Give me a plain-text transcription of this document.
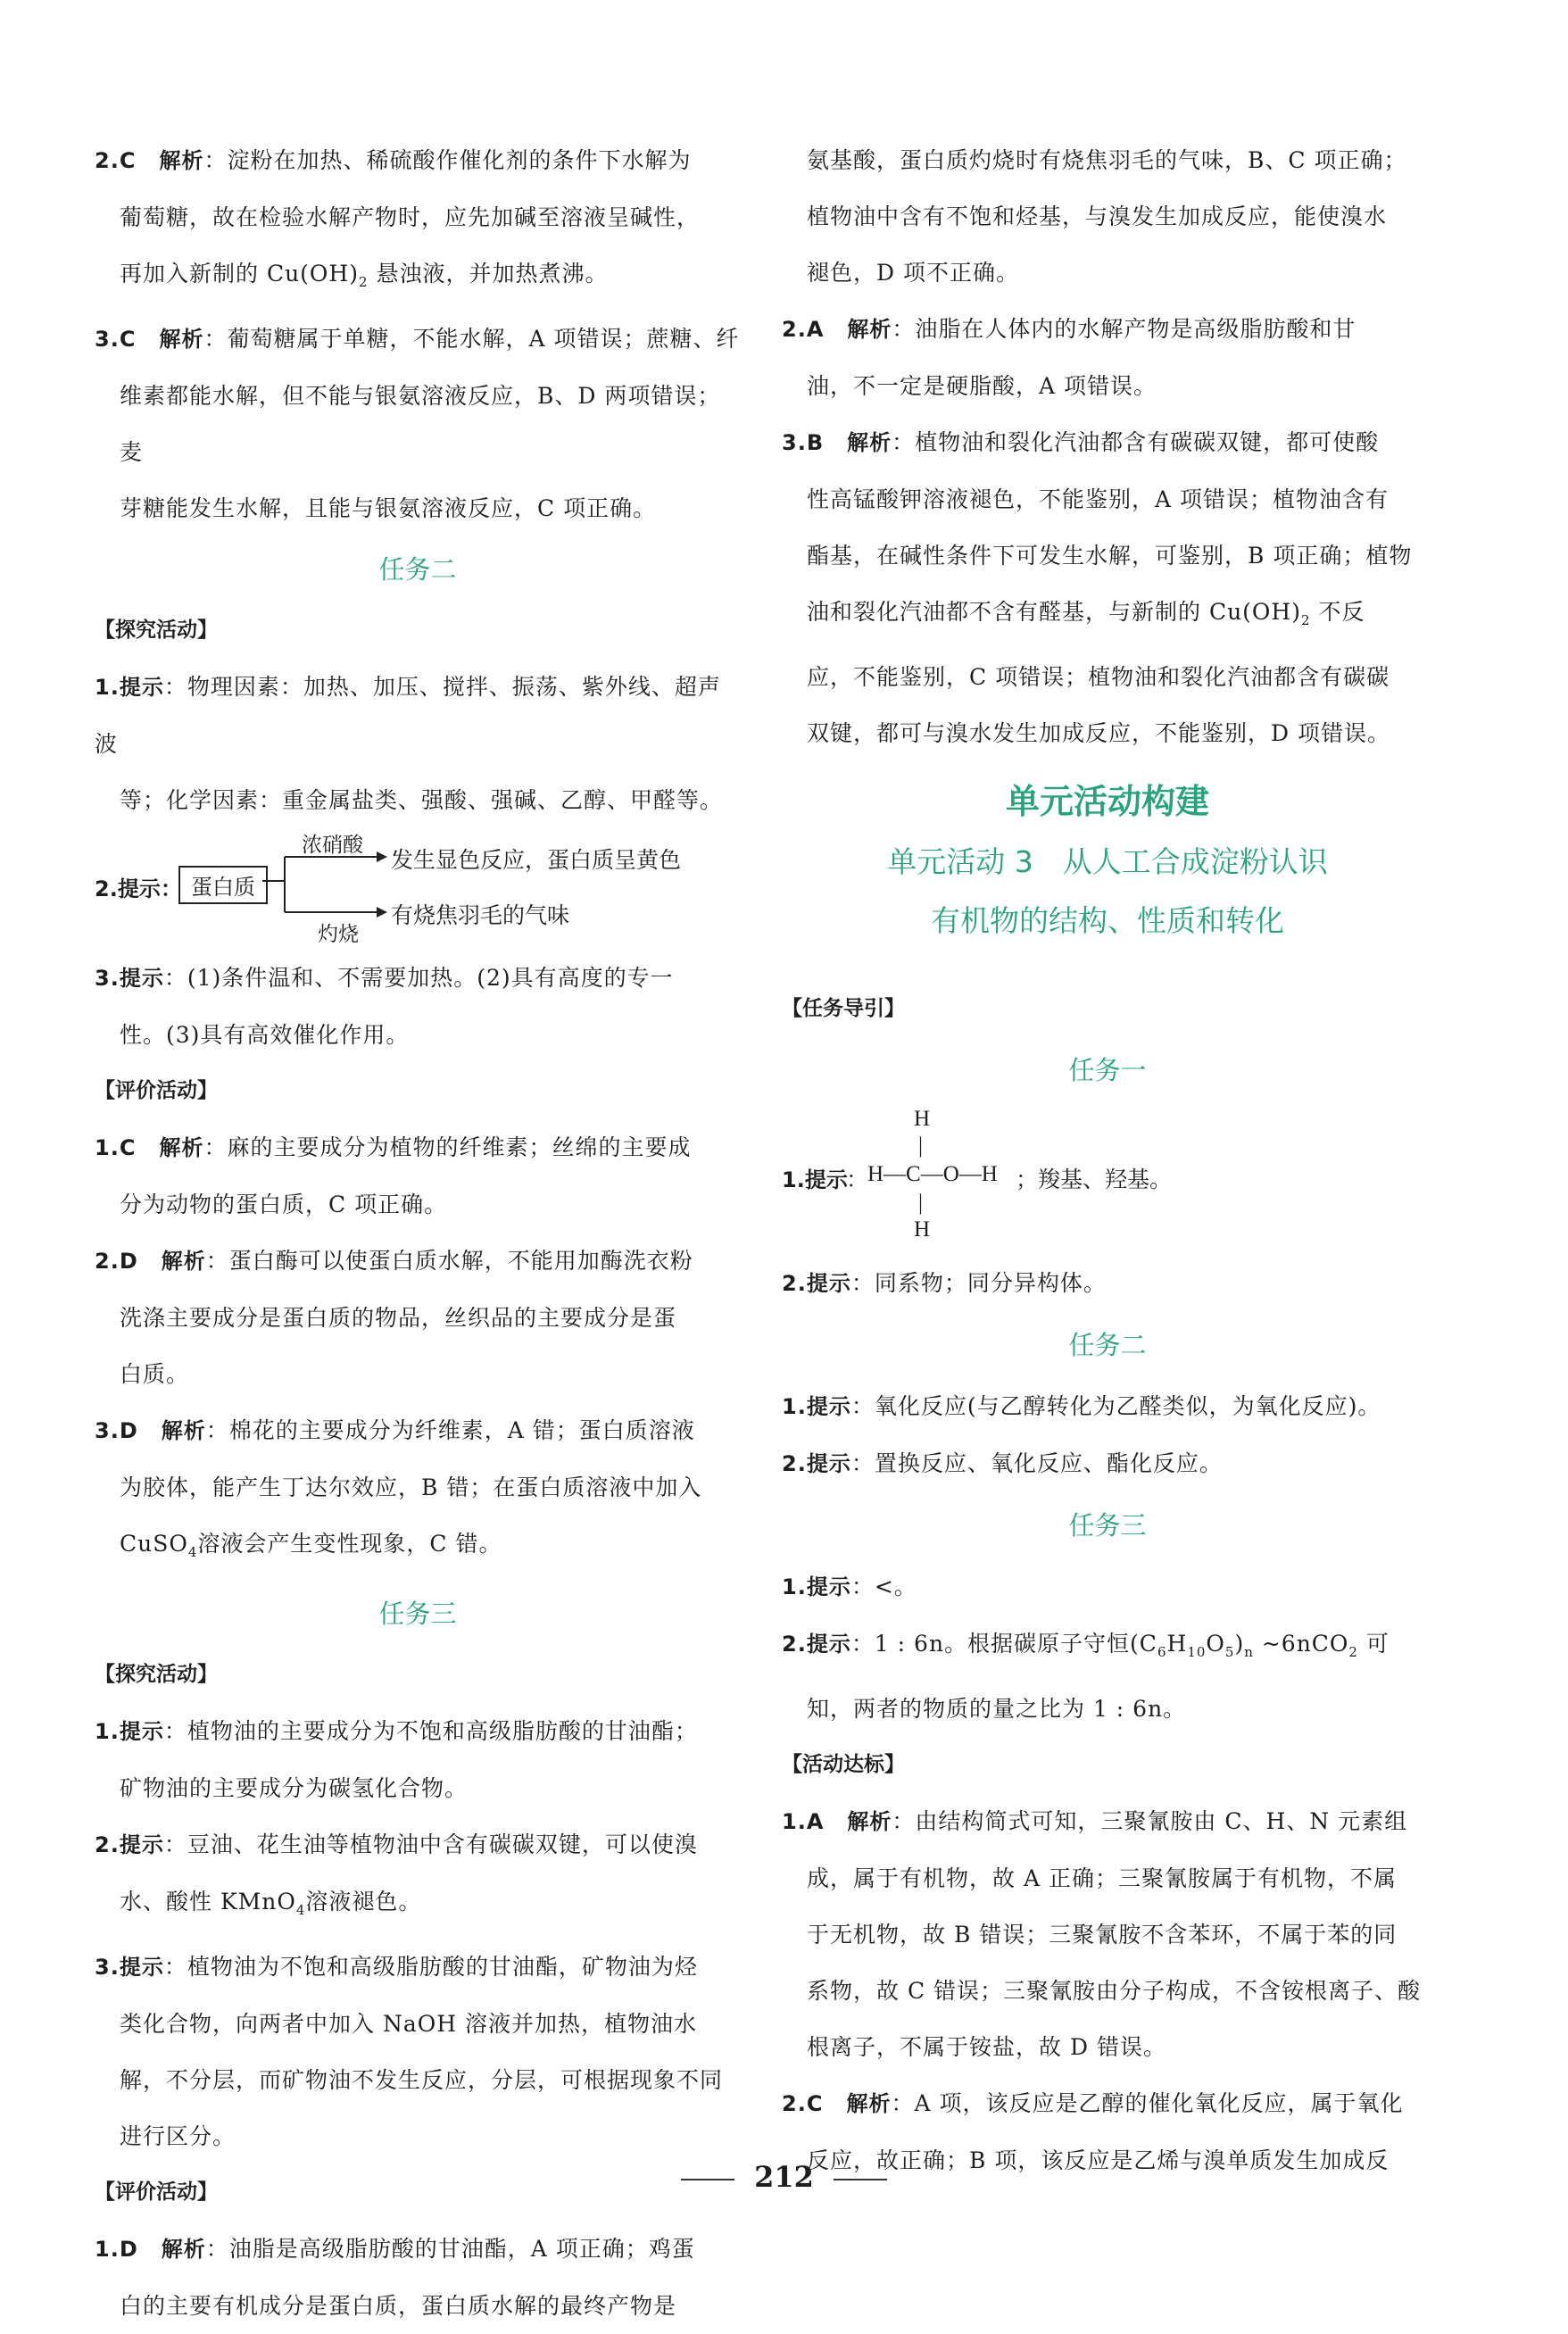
2.C　 解析：淀粉在加热、稀硫酸作催化剂的条件下水解为

葡萄糖，故在检验水解产物时，应先加碱至溶液呈碱性，

再加入新制的 $Cu(OH)_2$ 悬浊液，并加热煮沸。

3.C　 解析：葡萄糖属于单糖，不能水解，A 项错误；蔗糖、纤

维素都能水解，但不能与银氨溶液反应，B、D 两项错误；麦

芽糖能发生水解，且能与银氨溶液反应，C 项正确。

任务二

【探究活动】

1.提示：物理因素：加热、加压、搅拌、振荡、紫外线、超声波

等；化学因素：重金属盐类、强酸、强碱、乙醇、甲醛等。

2.提示： 蛋白质
浓硝酸
发生显色反应，蛋白质呈黄色
灼烧
有烧焦羽毛的气味

3.提示：(1)条件温和、不需要加热。(2)具有高度的专一

性。(3)具有高效催化作用。

【评价活动】

1.C　 解析：麻的主要成分为植物的纤维素；丝绵的主要成

分为动物的蛋白质，C 项正确。

2.D　 解析：蛋白酶可以使蛋白质水解，不能用加酶洗衣粉

洗涤主要成分是蛋白质的物品，丝织品的主要成分是蛋

白质。

3.D　 解析：棉花的主要成分为纤维素，A 错；蛋白质溶液

为胶体，能产生丁达尔效应，B 错；在蛋白质溶液中加入

CuSO$_4$溶液会产生变性现象，C 错。

任务三

【探究活动】

1.提示：植物油的主要成分为不饱和高级脂肪酸的甘油酯；

矿物油的主要成分为碳氢化合物。

2.提示：豆油、花生油等植物油中含有碳碳双键，可以使溴

水、酸性 KMnO$_4$溶液褪色。

3.提示：植物油为不饱和高级脂肪酸的甘油酯，矿物油为烃

类化合物，向两者中加入 NaOH 溶液并加热，植物油水

解，不分层，而矿物油不发生反应，分层，可根据现象不同

进行区分。

【评价活动】

1.D　 解析：油脂是高级脂肪酸的甘油酯，A 项正确；鸡蛋

白的主要有机成分是蛋白质，蛋白质水解的最终产物是

氨基酸，蛋白质灼烧时有烧焦羽毛的气味，B、C 项正确；

植物油中含有不饱和烃基，与溴发生加成反应，能使溴水

褪色，D 项不正确。

2.A　 解析：油脂在人体内的水解产物是高级脂肪酸和甘

油，不一定是硬脂酸，A 项错误。

3.B　 解析：植物油和裂化汽油都含有碳碳双键，都可使酸

性高锰酸钾溶液褪色，不能鉴别，A 项错误；植物油含有

酯基，在碱性条件下可发生水解，可鉴别，B 项正确；植物

油和裂化汽油都不含有醛基，与新制的 $Cu(OH)_2$ 不反

应，不能鉴别，C 项错误；植物油和裂化汽油都含有碳碳

双键，都可与溴水发生加成反应，不能鉴别，D 项错误。

单元活动构建
单元活动 3　从人工合成淀粉认识
有机物的结构、性质和转化

【任务导引】

任务一
1.提示
：
H
|
H—C—O—H
|
H
；羧基、羟基。

2.提示：同系物；同分异构体。

任务二

1.提示：氧化反应(与乙醇转化为乙醛类似，为氧化反应)。

2.提示：置换反应、氧化反应、酯化反应。

任务三

1.提示：<。

2.提示：1 : 6n。根据碳原子守恒$(C_6H_{10}O_5)_n$ ~6nCO$_2$ 可

知，两者的物质的量之比为 1 : 6n。

【活动达标】

1.A　 解析：由结构简式可知，三聚氰胺由 C、H、N 元素组

成，属于有机物，故 A 正确；三聚氰胺属于有机物，不属

于无机物，故 B 错误；三聚氰胺不含苯环，不属于苯的同

系物，故 C 错误；三聚氰胺由分子构成，不含铵根离子、酸

根离子，不属于铵盐，故 D 错误。

2.C　 解析：A 项，该反应是乙醇的催化氧化反应，属于氧化

反应，故正确；B 项，该反应是乙烯与溴单质发生加成反

212
